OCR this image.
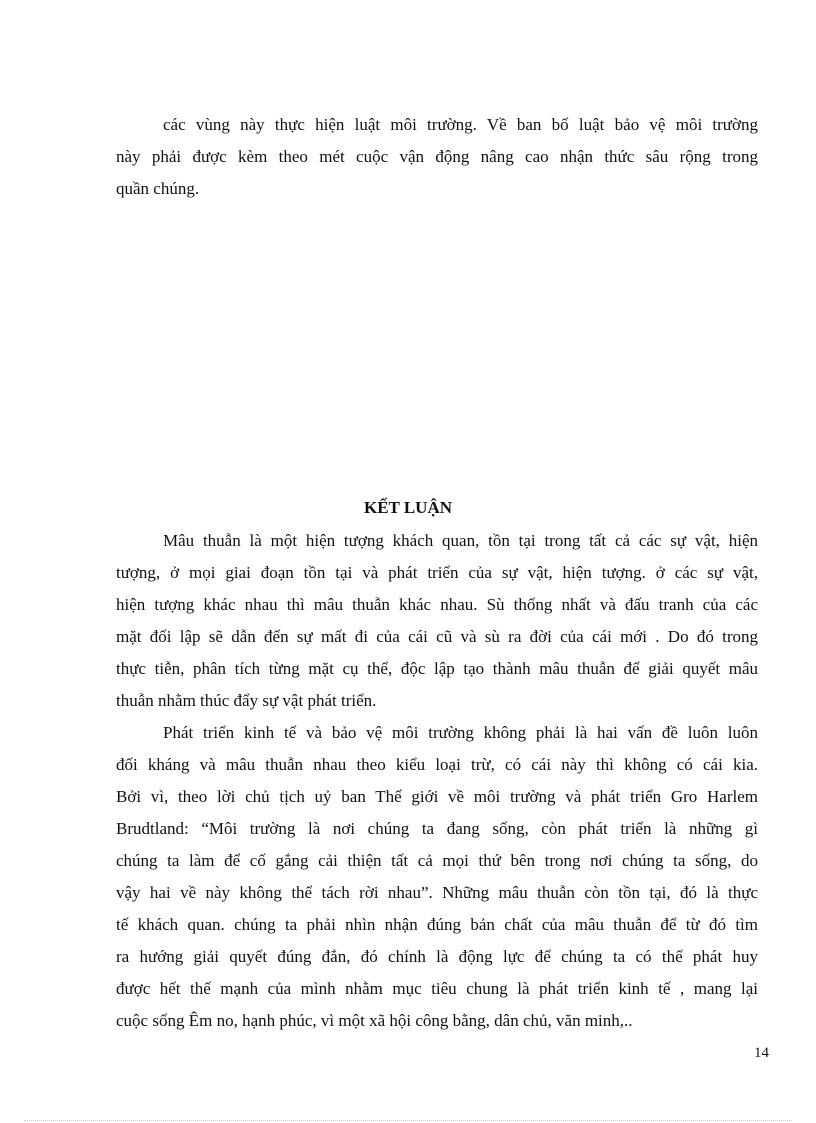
các vùng này thực hiện luật môi trường. Về ban bố luật bảo vệ môi trường
này phải được kèm theo mét cuộc vận động nâng cao nhận thức sâu rộng trong
quần chúng.
KẾT LUẬN
Mâu thuẫn là một hiện tượng khách quan, tồn tại trong tất cả các sự vật, hiện
tượng, ở mọi giai đoạn tồn tại và phát triển của sự vật, hiện tượng. ở các sự vật,
hiện tượng khác nhau thì mâu thuẫn khác nhau. Sù thống nhất và đấu tranh của các
mặt đối lập sẽ dẫn đến sự mất đi của cái cũ và sù ra đời của cái mới . Do đó trong
thực tiễn, phân tích từng mặt cụ thể, độc lập tạo thành mâu thuẫn để giải quyết mâu
thuẫn nhằm thúc đẩy sự vật phát triển.
Phát triển kinh tế và bảo vệ môi trường không phải là hai vấn đề luôn luôn
đối kháng và mâu thuẫn nhau theo kiểu loại trừ, có cái này thì không có cái kia.
Bởi vì, theo lời chủ tịch uỷ ban Thế giới về môi trường và phát triển Gro Harlem
Brudtland: “Môi trường là nơi chúng ta đang sống, còn phát triển là những gì
chúng ta làm để cố gắng cải thiện tất cả mọi thứ bên trong nơi chúng ta sống, do
vậy hai về này không thể tách rời nhau”. Những mâu thuẫn còn tồn tại, đó là thực
tế khách quan. chúng ta phải nhìn nhận đúng bản chất của mâu thuẫn để từ đó tìm
ra hướng giải quyết đúng đắn, đó chính là động lực để chúng ta có thể phát huy
được hết thế mạnh của mình nhằm mục tiêu chung là phát triển kinh tế , mang lại
cuộc sống Êm no, hạnh phúc, vì một xã hội công bằng, dân chủ, văn minh,..
14
